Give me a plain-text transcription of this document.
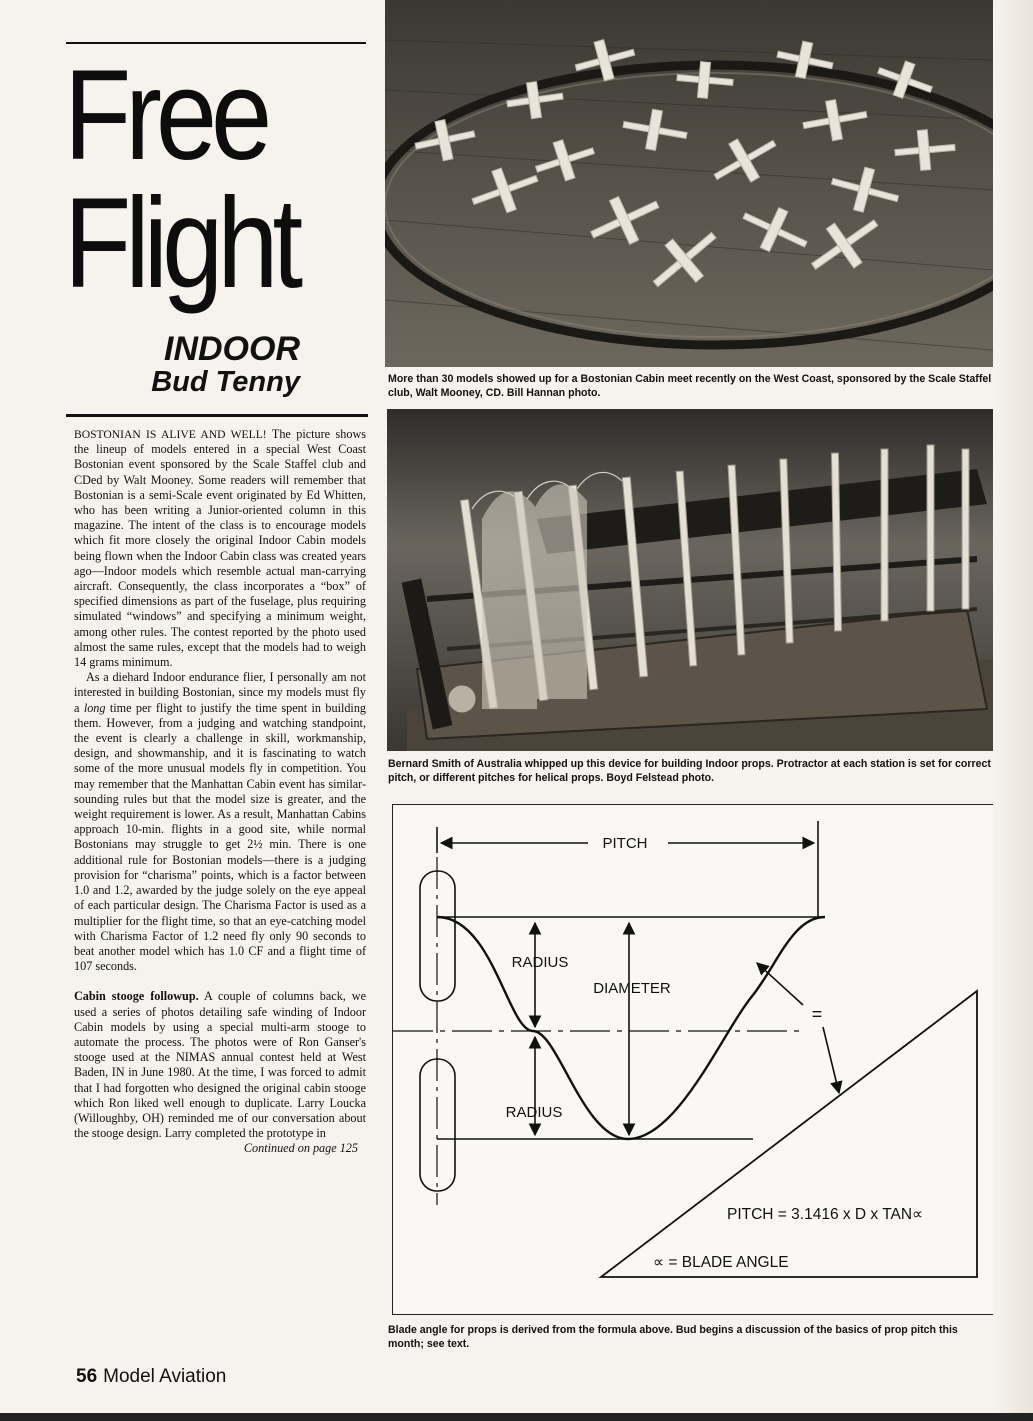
Free
Flight
INDOOR
Bud Tenny

BOSTONIAN IS ALIVE AND WELL! The picture shows the lineup of models entered in a special West Coast Bostonian event sponsored by the Scale Staffel club and CDed by Walt Mooney. Some readers will remember that Bostonian is a semi-Scale event originated by Ed Whitten, who has been writing a Junior-oriented column in this magazine. The intent of the class is to encourage models which fit more closely the original Indoor Cabin models being flown when the Indoor Cabin class was created years ago—Indoor models which resemble actual man-carrying aircraft. Consequently, the class incorporates a “box” of specified dimensions as part of the fuselage, plus requiring simulated “windows” and specifying a minimum weight, among other rules. The contest reported by the photo used almost the same rules, except that the models had to weigh 14 grams minimum.

As a diehard Indoor endurance flier, I personally am not interested in building Bostonian, since my models must fly a long time per flight to justify the time spent in building them. However, from a judging and watching standpoint, the event is clearly a challenge in skill, workmanship, design, and showmanship, and it is fascinating to watch some of the more unusual models fly in competition. You may remember that the Manhattan Cabin event has similar-sounding rules but that the model size is greater, and the weight requirement is lower. As a result, Manhattan Cabins approach 10-min. flights in a good site, while normal Bostonians may struggle to get 2½ min. There is one additional rule for Bostonian models—there is a judging provision for “charisma” points, which is a factor between 1.0 and 1.2, awarded by the judge solely on the eye appeal of each particular design. The Charisma Factor is used as a multiplier for the flight time, so that an eye-catching model with Charisma Factor of 1.2 need fly only 90 seconds to beat another model which has 1.0 CF and a flight time of 107 seconds.

Cabin stooge followup. A couple of columns back, we used a series of photos detailing safe winding of Indoor Cabin models by using a special multi-arm stooge to automate the process. The photos were of Ron Ganser's stooge used at the NIMAS annual contest held at West Baden, IN in June 1980. At the time, I was forced to admit that I had forgotten who designed the original cabin stooge which Ron liked well enough to duplicate. Larry Loucka (Willoughby, OH) reminded me of our conversation about the stooge design. Larry completed the prototype in

Continued on page 125

56 Model Aviation
More than 30 models showed up for a Bostonian Cabin meet recently on the West Coast, sponsored by the Scale Staffel club, Walt Mooney, CD. Bill Hannan photo.
Bernard Smith of Australia whipped up this device for building Indoor props. Protractor at each station is set for correct pitch, or different pitches for helical props. Boyd Felstead photo.
PITCH
RADIUS
DIAMETER
RADIUS
=
PITCH = 3.1416 x D x TAN∝
∝ = BLADE ANGLE
Blade angle for props is derived from the formula above. Bud begins a discussion of the basics of prop pitch this month; see text.
